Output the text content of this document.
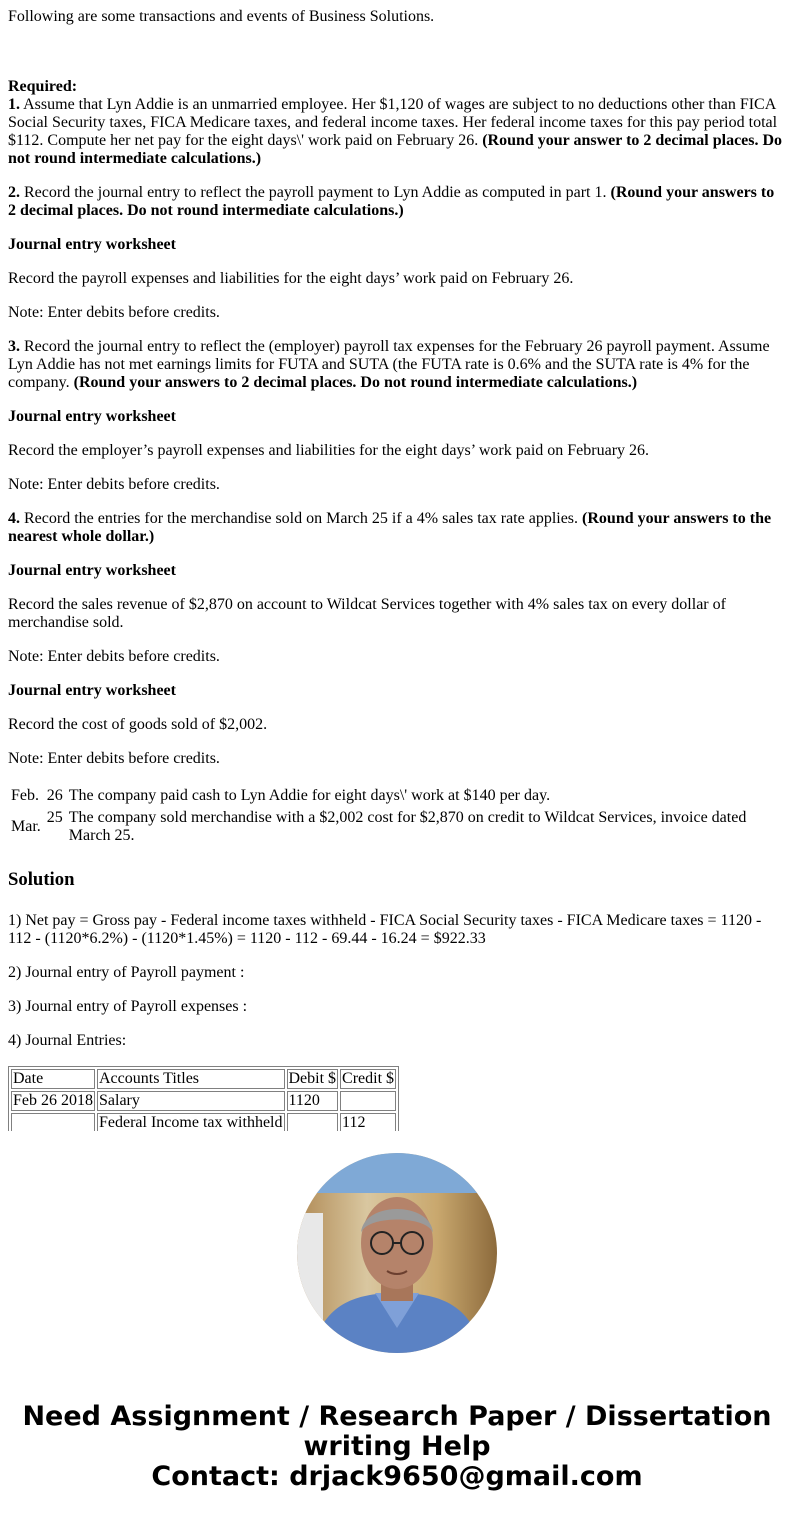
Following are some transactions and events of Business Solutions.

Required:
1. Assume that Lyn Addie is an unmarried employee. Her $1,120 of wages are subject to no deductions other than FICA Social Security taxes, FICA Medicare taxes, and federal income taxes. Her federal income taxes for this pay period total $112. Compute her net pay for the eight days\' work paid on February 26. (Round your answer to 2 decimal places. Do not round intermediate calculations.)

2. Record the journal entry to reflect the payroll payment to Lyn Addie as computed in part 1. (Round your answers to 2 decimal places. Do not round intermediate calculations.)

Journal entry worksheet

Record the payroll expenses and liabilities for the eight days’ work paid on February 26.

Note: Enter debits before credits.

3. Record the journal entry to reflect the (employer) payroll tax expenses for the February 26 payroll payment. Assume Lyn Addie has not met earnings limits for FUTA and SUTA (the FUTA rate is 0.6% and the SUTA rate is 4% for the company. (Round your answers to 2 decimal places. Do not round intermediate calculations.)

Journal entry worksheet

Record the employer’s payroll expenses and liabilities for the eight days’ work paid on February 26.

Note: Enter debits before credits.

4. Record the entries for the merchandise sold on March 25 if a 4% sales tax rate applies. (Round your answers to the nearest whole dollar.)

Journal entry worksheet

Record the sales revenue of $2,870 on account to Wildcat Services together with 4% sales tax on every dollar of merchandise sold.

Note: Enter debits before credits.

Journal entry worksheet

Record the cost of goods sold of $2,002.

Note: Enter debits before credits.

Feb.	26	The company paid cash to Lyn Addie for eight days\' work at $140 per day.
Mar.	25	The company sold merchandise with a $2,002 cost for $2,870 on credit to Wildcat Services, invoice dated March 25.
Solution

1) Net pay = Gross pay - Federal income taxes withheld - FICA Social Security taxes - FICA Medicare taxes = 1120 - 112 - (1120*6.2%) - (1120*1.45%) = 1120 - 112 - 69.44 - 16.24 = $922.33

2) Journal entry of Payroll payment :

3) Journal entry of Payroll expenses :

4) Journal Entries:

Date	Accounts Titles	Debit $	Credit $
Feb 26 2018	Salary	1120	
	Federal Income tax withheld		112
Need Assignment / Research Paper / Dissertation
writing Help
Contact: drjack9650@gmail.com
